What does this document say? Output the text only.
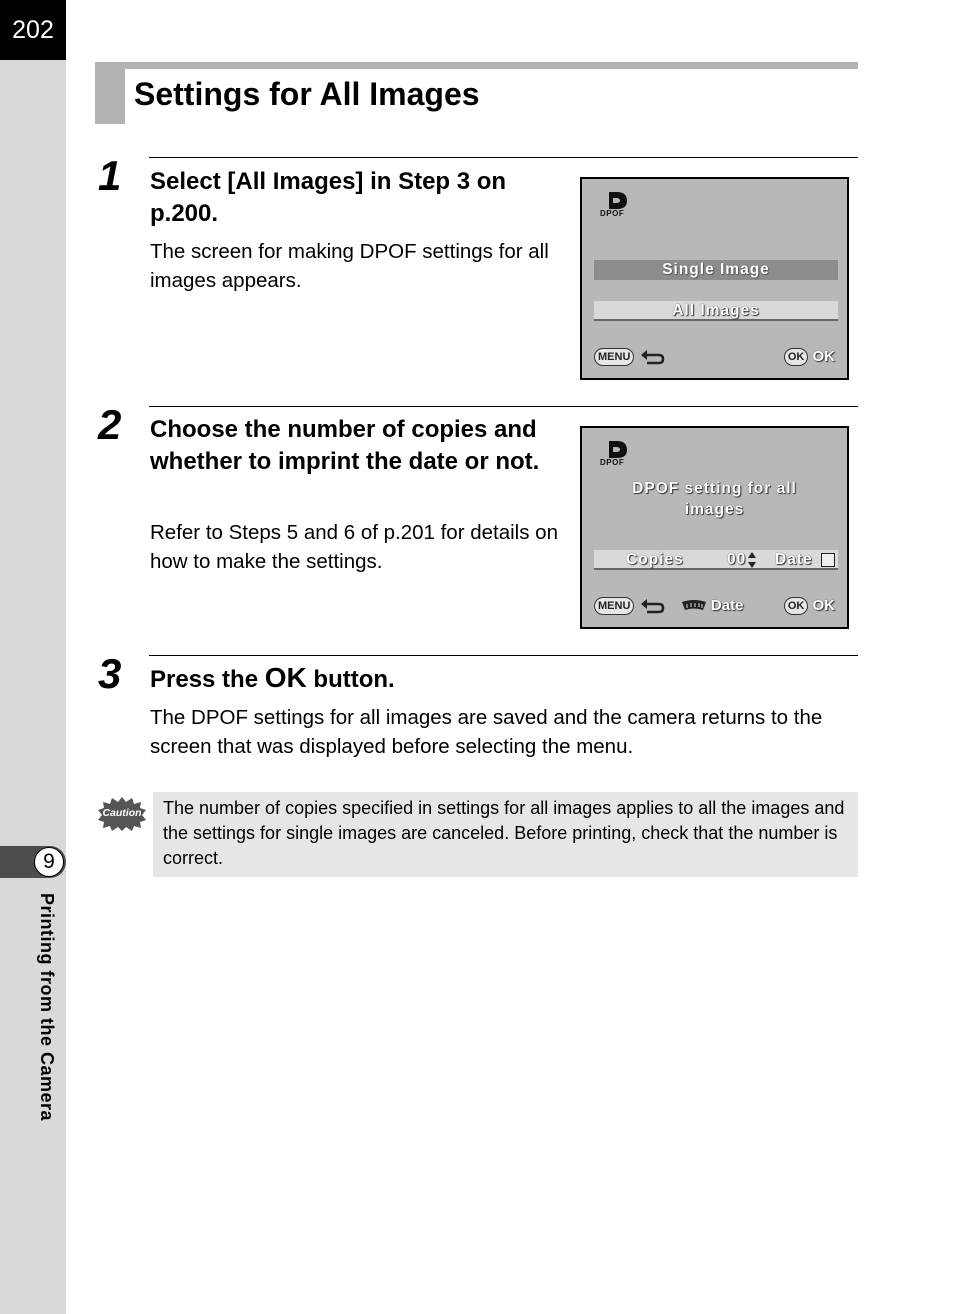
202
9
Printing from the Camera
Settings for All Images
1 Select [All Images] in Step 3 on p.200.
The screen for making DPOF settings for all images appears.
DPOF
Single Image
All Images
MENU	OK OK
2 Choose the number of copies and whether to imprint the date or not.
Refer to Steps 5 and 6 of p.201 for details on how to make the settings.
DPOF
DPOF setting for all
images
Copies	00 Date
MENU	Date	OK OK
3 Press the OK button.
The DPOF settings for all images are saved and the camera returns to the screen that was displayed before selecting the menu.
Caution	The number of copies specified in settings for all images applies to all the images and the settings for single images are canceled. Before printing, check that the number is correct.
